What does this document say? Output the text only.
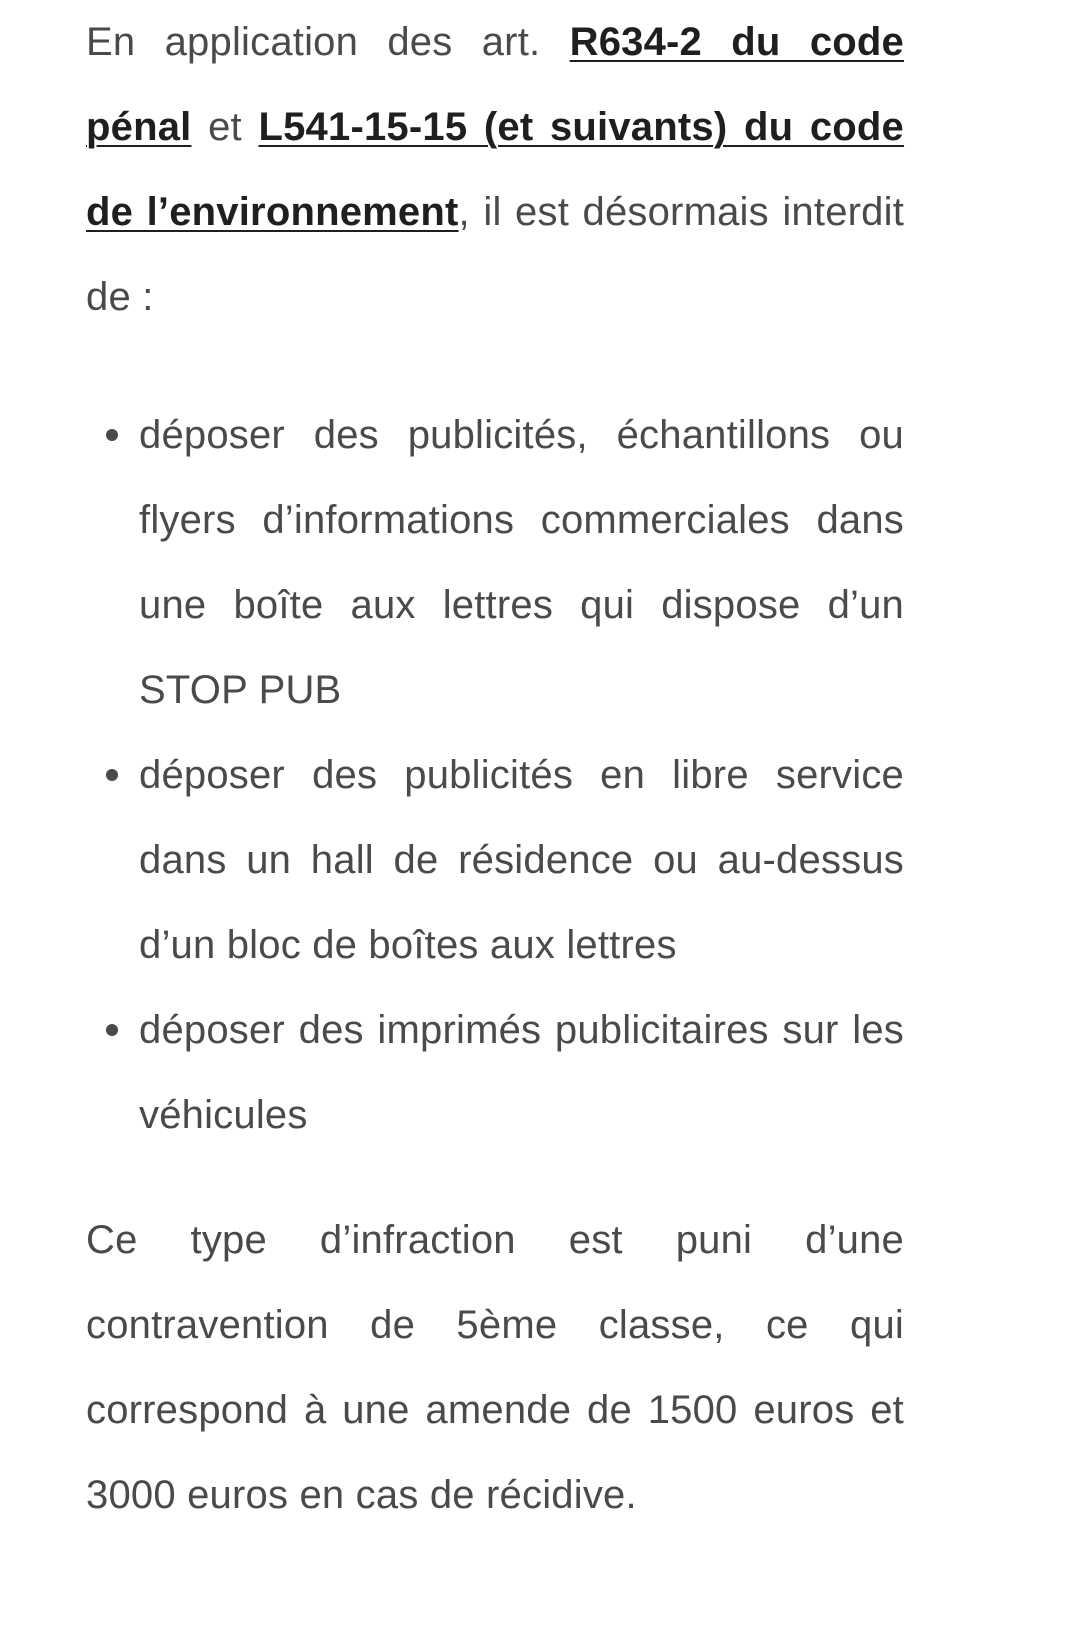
En application des art. R634-2 du code pénal et L541-15-15 (et suivants) du code de l’environnement, il est désormais interdit de :

déposer des publicités, échantillons ou flyers d’informations commerciales dans une boîte aux lettres qui dispose d’un STOP PUB
déposer des publicités en libre service dans un hall de résidence ou au-dessus d’un bloc de boîtes aux lettres
déposer des imprimés publicitaires sur les véhicules

Ce type d’infraction est puni d’une contravention de 5ème classe, ce qui correspond à une amende de 1500 euros et 3000 euros en cas de récidive.
